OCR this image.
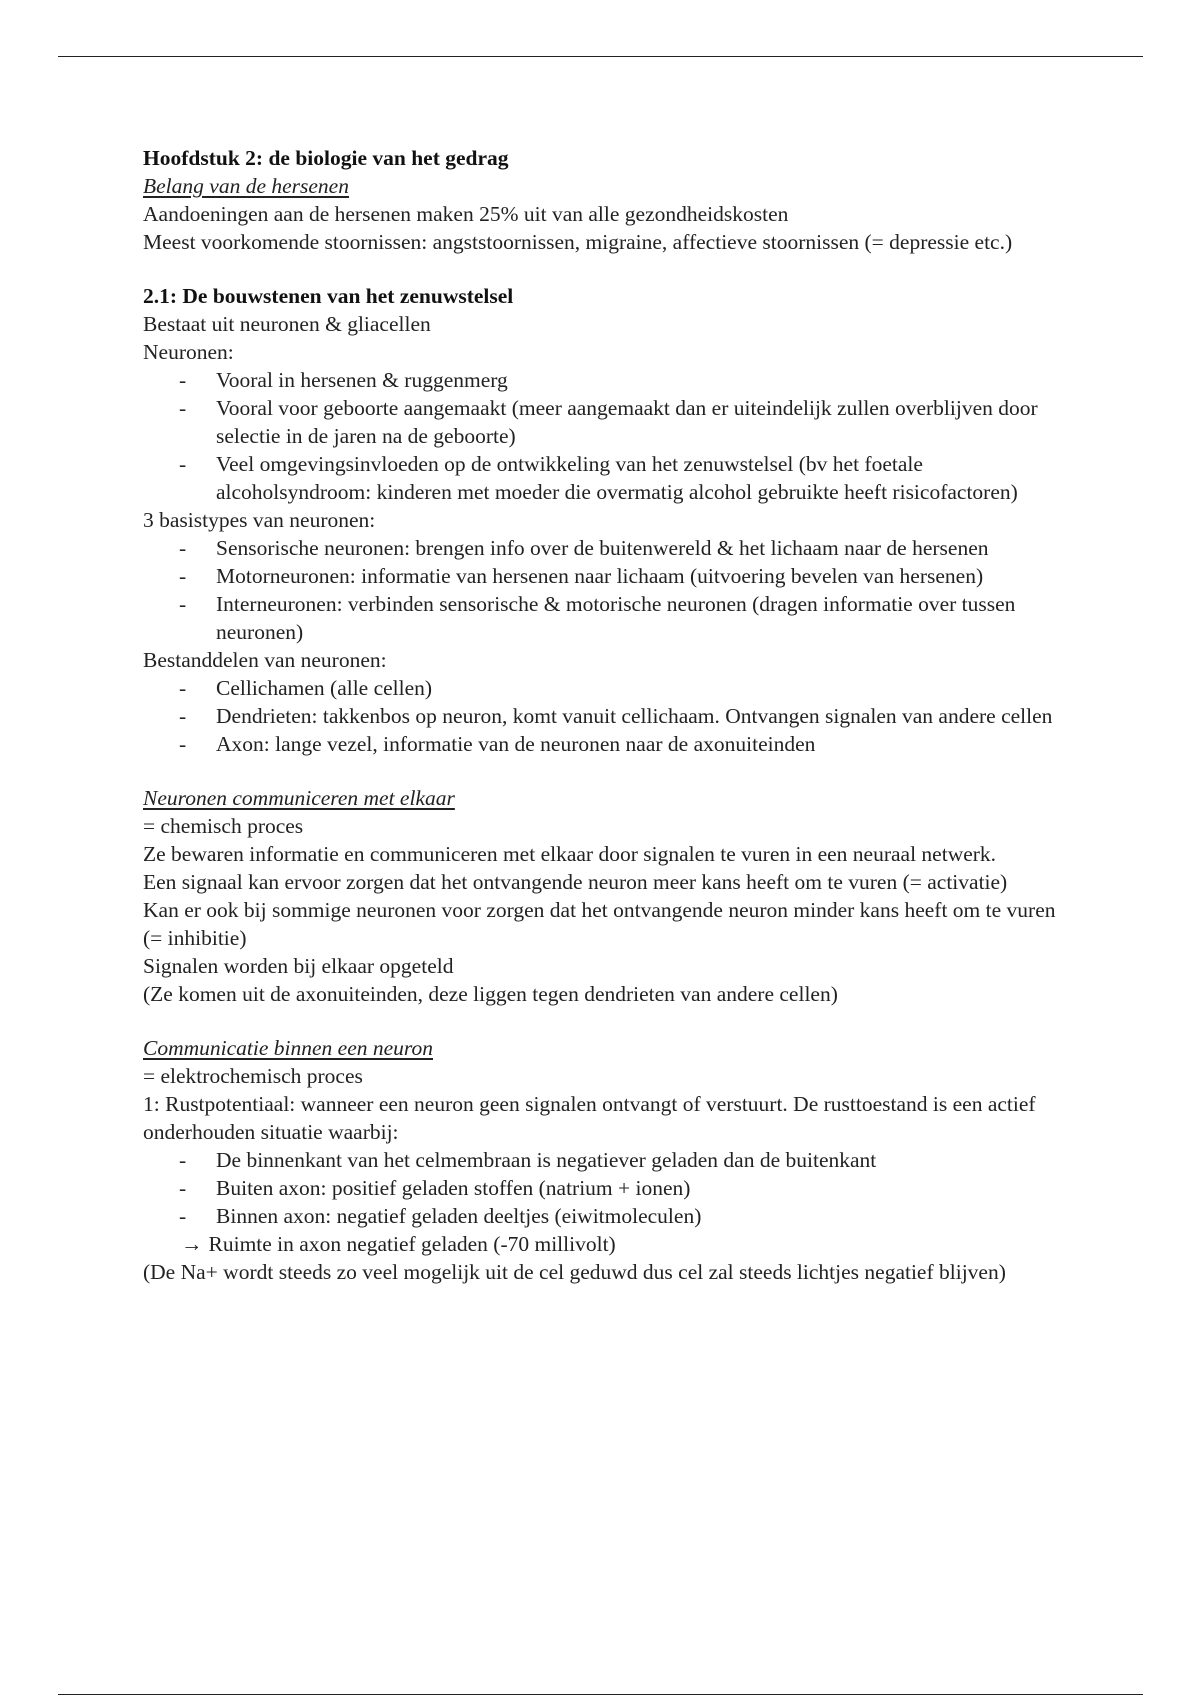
Hoofdstuk 2: de biologie van het gedrag

Belang van de hersenen

Aandoeningen aan de hersenen maken 25% uit van alle gezondheidskosten

Meest voorkomende stoornissen: angststoornissen, migraine, affectieve stoornissen (= depressie etc.)

2.1: De bouwstenen van het zenuwstelsel

Bestaat uit neuronen & gliacellen

Neuronen:

- Vooral in hersenen & ruggenmerg
- Vooral voor geboorte aangemaakt (meer aangemaakt dan er uiteindelijk zullen overblijven door selectie in de jaren na de geboorte)
- Veel omgevingsinvloeden op de ontwikkeling van het zenuwstelsel (bv het foetale alcoholsyndroom: kinderen met moeder die overmatig alcohol gebruikte heeft risicofactoren)

3 basistypes van neuronen:

- Sensorische neuronen: brengen info over de buitenwereld & het lichaam naar de hersenen
- Motorneuronen: informatie van hersenen naar lichaam (uitvoering bevelen van hersenen)
- Interneuronen: verbinden sensorische & motorische neuronen (dragen informatie over tussen neuronen)

Bestanddelen van neuronen:

- Cellichamen (alle cellen)
- Dendrieten: takkenbos op neuron, komt vanuit cellichaam. Ontvangen signalen van andere cellen
- Axon: lange vezel, informatie van de neuronen naar de axonuiteinden

Neuronen communiceren met elkaar

= chemisch proces

Ze bewaren informatie en communiceren met elkaar door signalen te vuren in een neuraal netwerk.

Een signaal kan ervoor zorgen dat het ontvangende neuron meer kans heeft om te vuren (= activatie)

Kan er ook bij sommige neuronen voor zorgen dat het ontvangende neuron minder kans heeft om te vuren (= inhibitie)

Signalen worden bij elkaar opgeteld

(Ze komen uit de axonuiteinden, deze liggen tegen dendrieten van andere cellen)

Communicatie binnen een neuron

= elektrochemisch proces

1: Rustpotentiaal: wanneer een neuron geen signalen ontvangt of verstuurt. De rusttoestand is een actief onderhouden situatie waarbij:

- De binnenkant van het celmembraan is negatiever geladen dan de buitenkant
- Buiten axon: positief geladen stoffen (natrium + ionen)
- Binnen axon: negatief geladen deeltjes (eiwitmoleculen)

→ Ruimte in axon negatief geladen (-70 millivolt)

(De Na+ wordt steeds zo veel mogelijk uit de cel geduwd dus cel zal steeds lichtjes negatief blijven)
